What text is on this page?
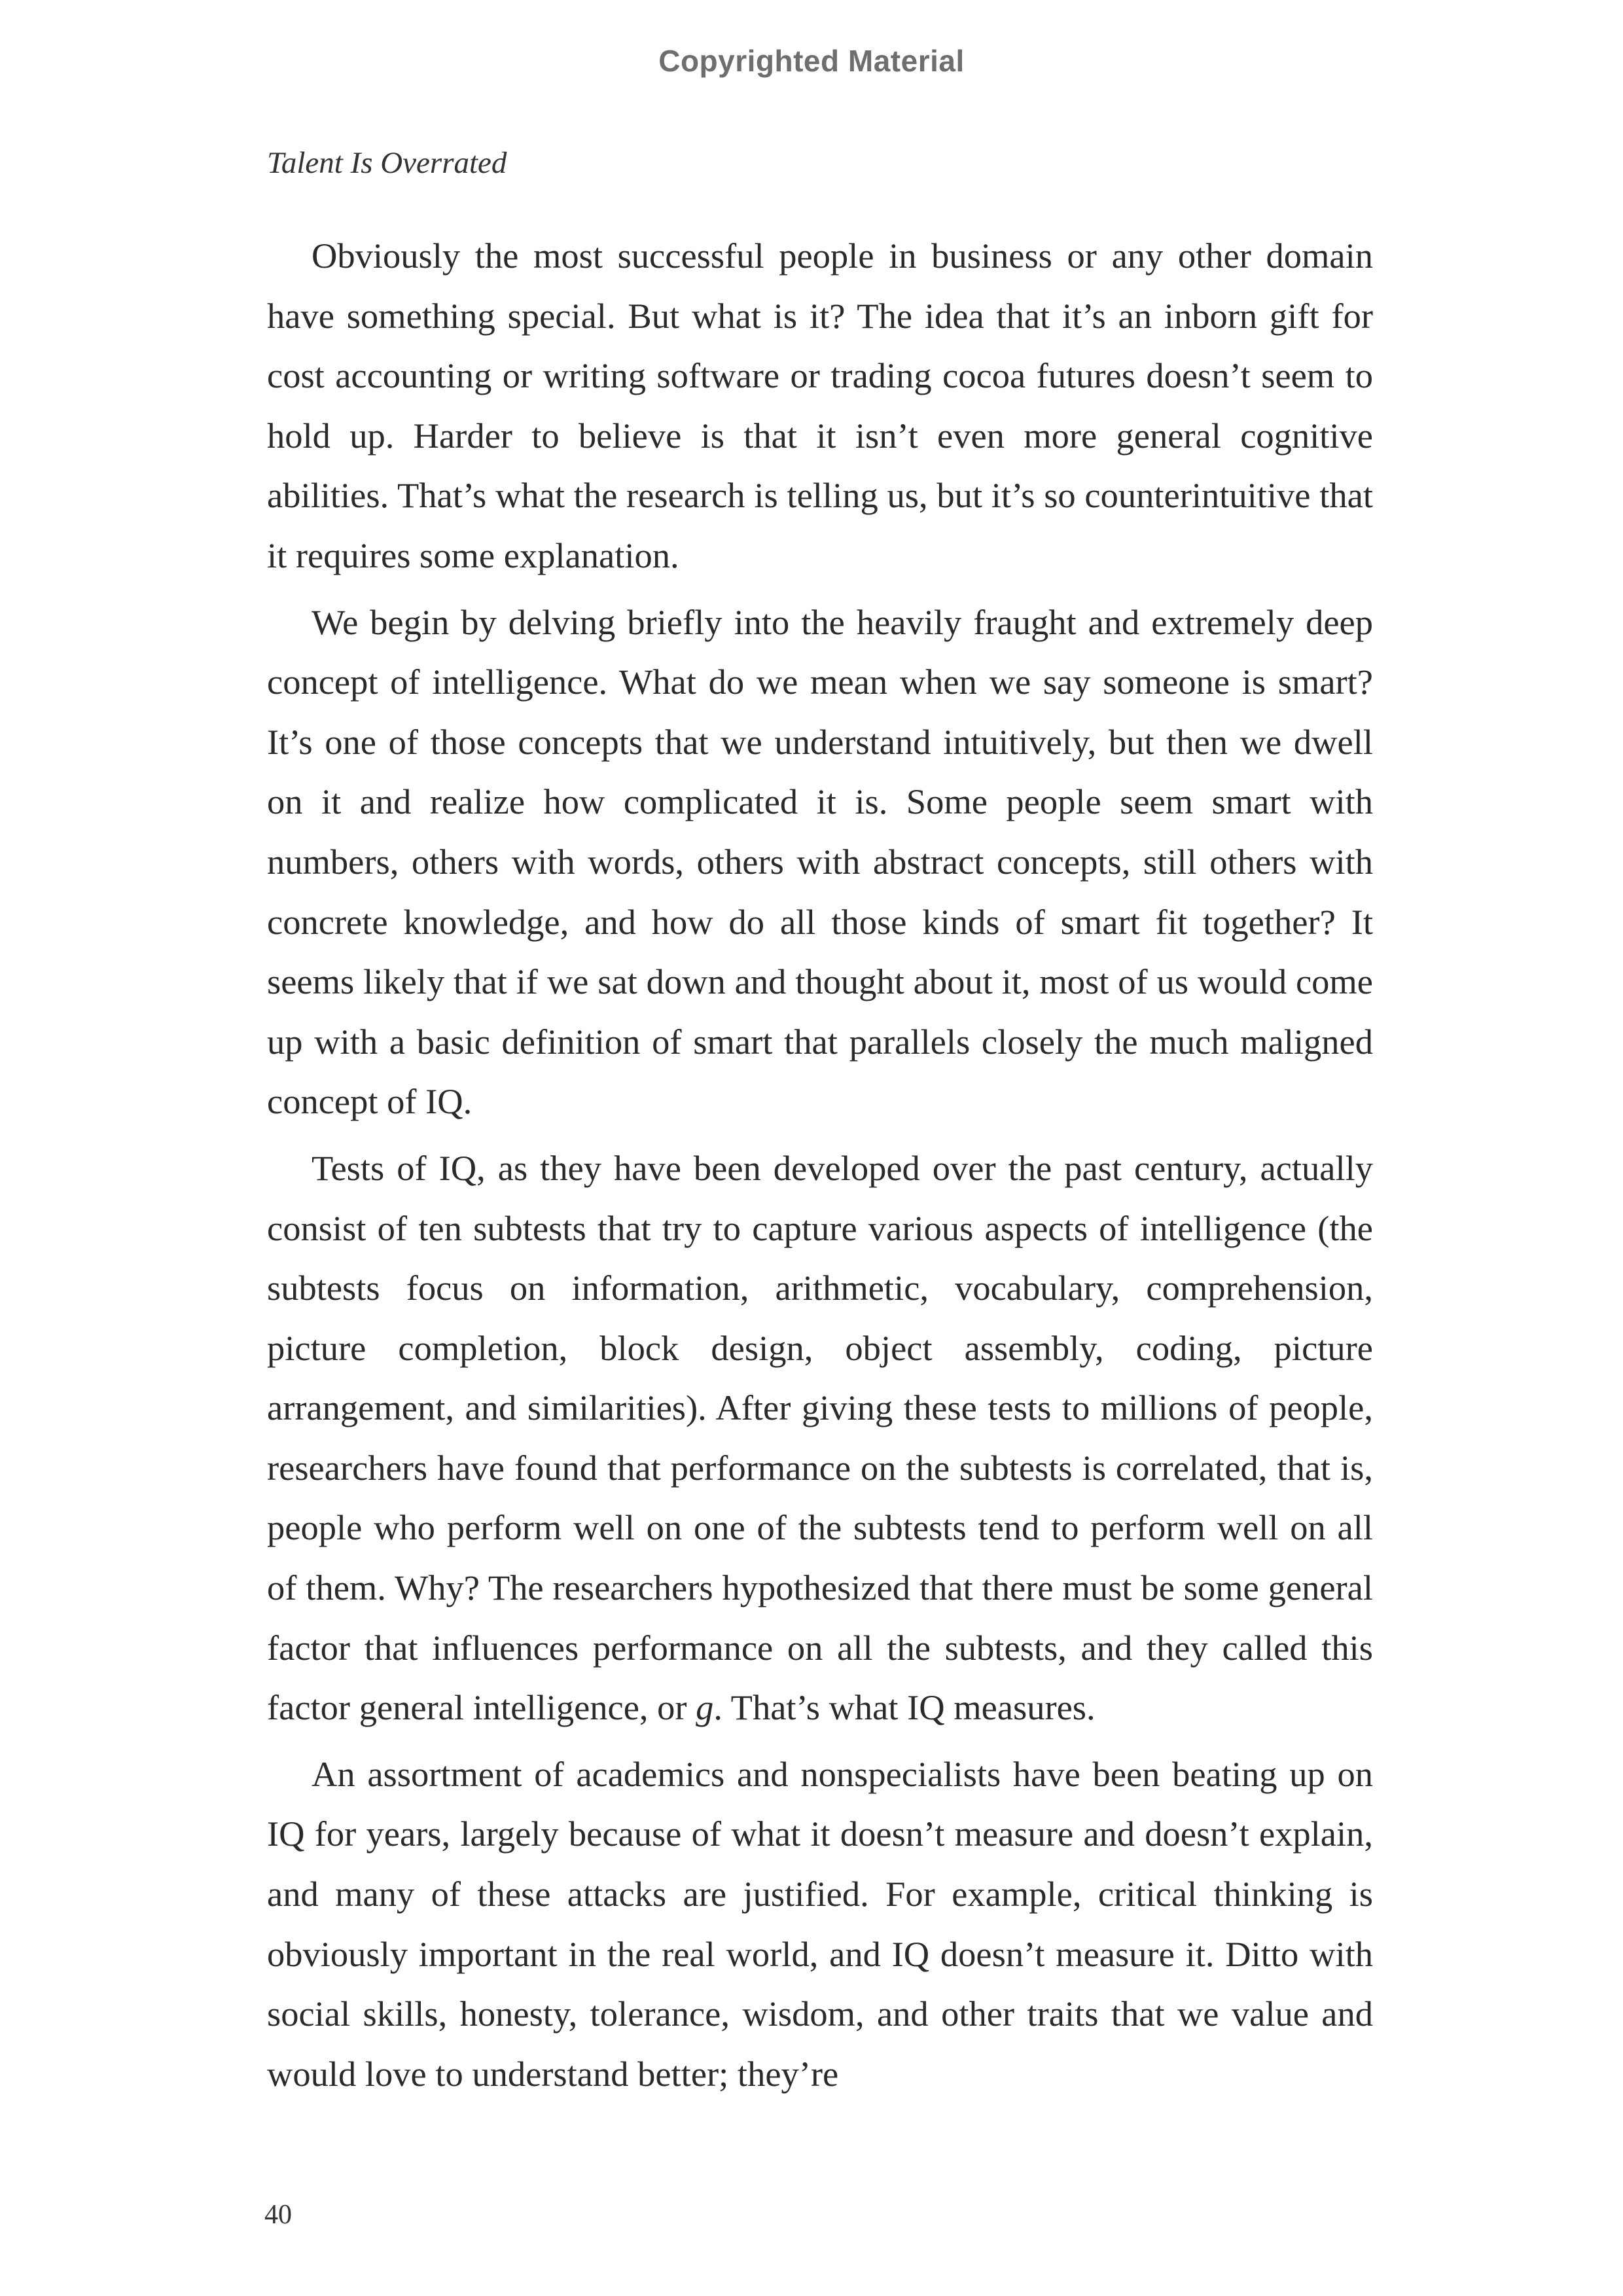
Copyrighted Material
Talent Is Overrated

Obviously the most successful people in business or any other domain have something special. But what is it? The idea that it’s an inborn gift for cost accounting or writing software or trading cocoa futures doesn’t seem to hold up. Harder to believe is that it isn’t even more general cognitive abilities. That’s what the research is telling us, but it’s so counterintuitive that it requires some explanation.

We begin by delving briefly into the heavily fraught and extremely deep concept of intelligence. What do we mean when we say someone is smart? It’s one of those concepts that we understand intuitively, but then we dwell on it and realize how complicated it is. Some people seem smart with numbers, others with words, others with abstract concepts, still others with concrete knowledge, and how do all those kinds of smart fit together? It seems likely that if we sat down and thought about it, most of us would come up with a basic definition of smart that parallels closely the much maligned concept of IQ.

Tests of IQ, as they have been developed over the past century, actually consist of ten subtests that try to capture various aspects of intelligence (the subtests focus on information, arithmetic, vocabulary, comprehension, picture completion, block design, object assembly, coding, picture arrangement, and similarities). After giving these tests to millions of people, researchers have found that performance on the subtests is correlated, that is, people who perform well on one of the subtests tend to perform well on all of them. Why? The researchers hypothesized that there must be some general factor that influences performance on all the subtests, and they called this factor general intelligence, or g. That’s what IQ measures.

An assortment of academics and nonspecialists have been beating up on IQ for years, largely because of what it doesn’t measure and doesn’t explain, and many of these attacks are justified. For example, critical thinking is obviously important in the real world, and IQ doesn’t measure it. Ditto with social skills, honesty, tolerance, wisdom, and other traits that we value and would love to understand better; they’re

40
